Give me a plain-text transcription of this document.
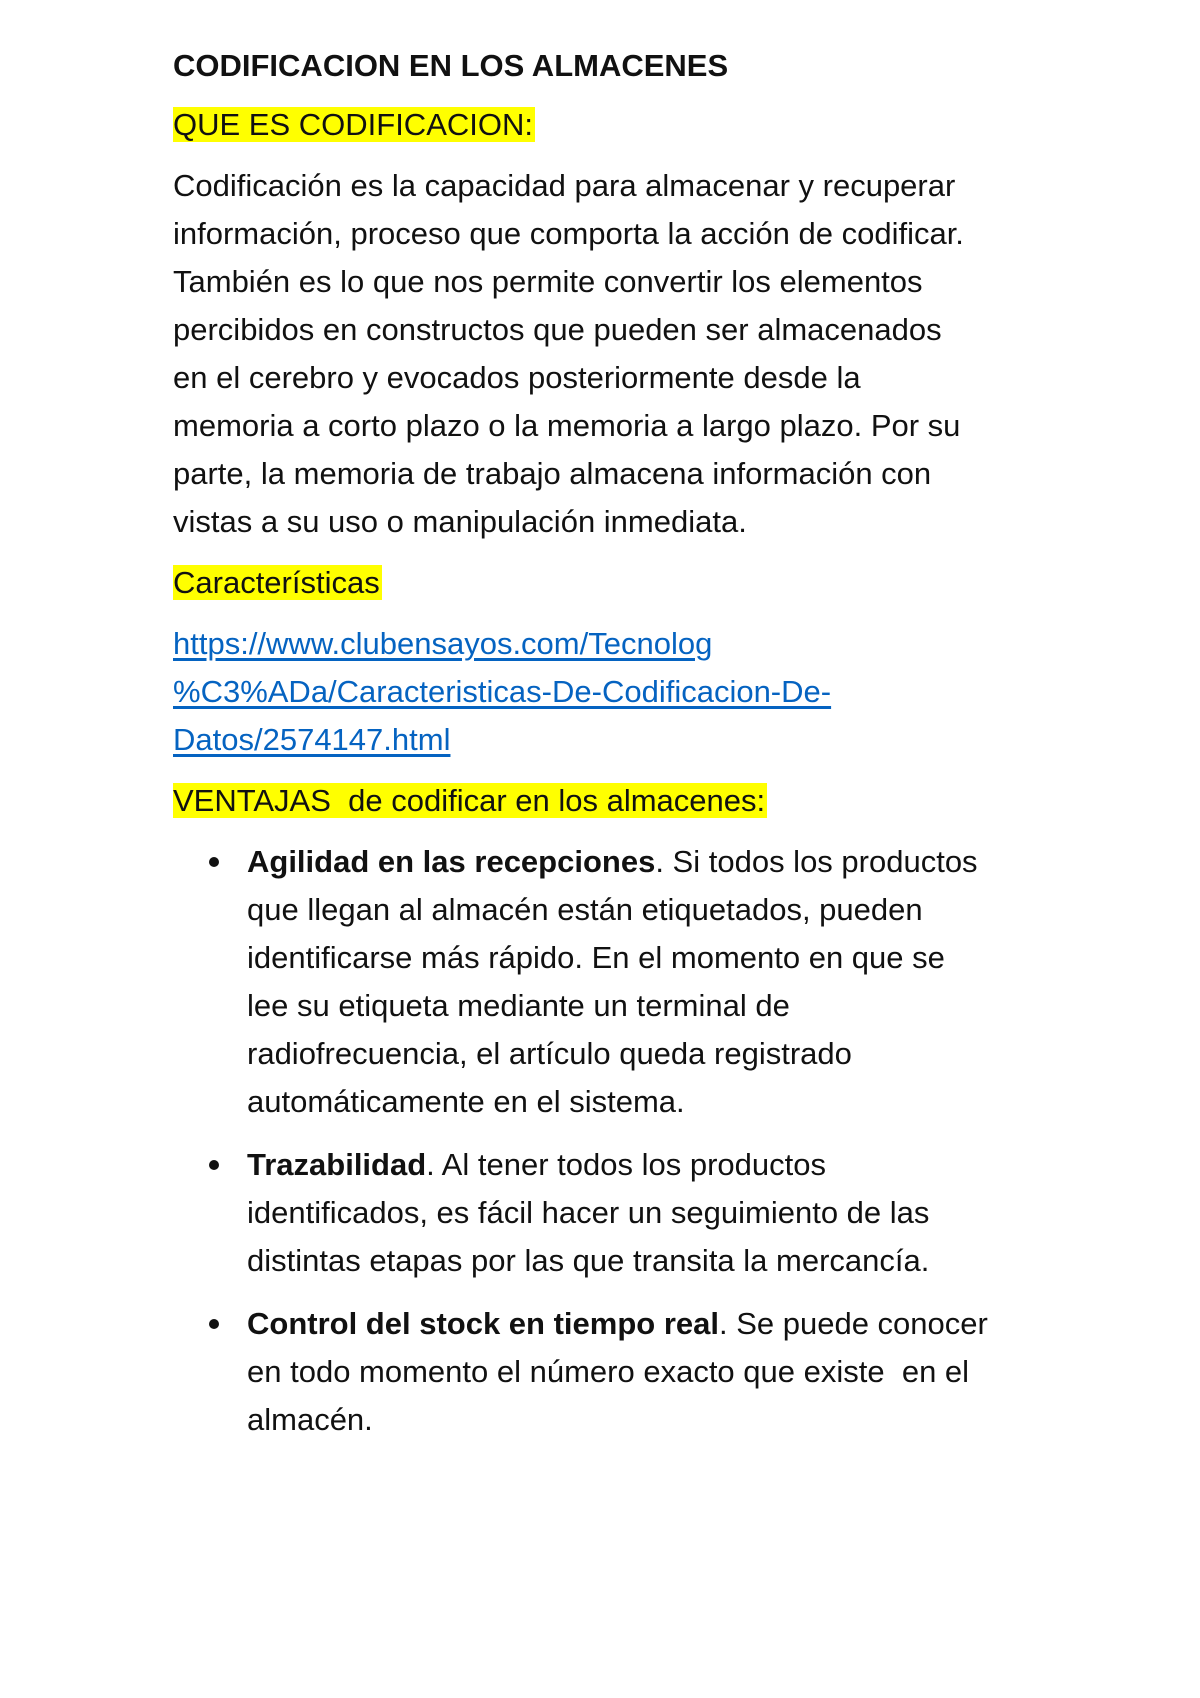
CODIFICACION EN LOS ALMACENES
QUE ES CODIFICACION:
Codificación es la capacidad para almacenar y recuperar
información, proceso que comporta la acción de codificar.
También es lo que nos permite convertir los elementos
percibidos en constructos que pueden ser almacenados
en el cerebro y evocados posteriormente desde la
memoria a corto plazo o la memoria a largo plazo. Por su
parte, la memoria de trabajo almacena información con
vistas a su uso o manipulación inmediata.
Características
https://www.clubensayos.com/Tecnolog
%C3%ADa/Caracteristicas-De-Codificacion-De-
Datos/2574147.html
VENTAJAS  de codificar en los almacenes:
Agilidad en las recepciones. Si todos los productos
que llegan al almacén están etiquetados, pueden
identificarse más rápido. En el momento en que se
lee su etiqueta mediante un terminal de
radiofrecuencia, el artículo queda registrado
automáticamente en el sistema.
Trazabilidad. Al tener todos los productos
identificados, es fácil hacer un seguimiento de las
distintas etapas por las que transita la mercancía.
Control del stock en tiempo real. Se puede conocer
en todo momento el número exacto que existe  en el
almacén.
